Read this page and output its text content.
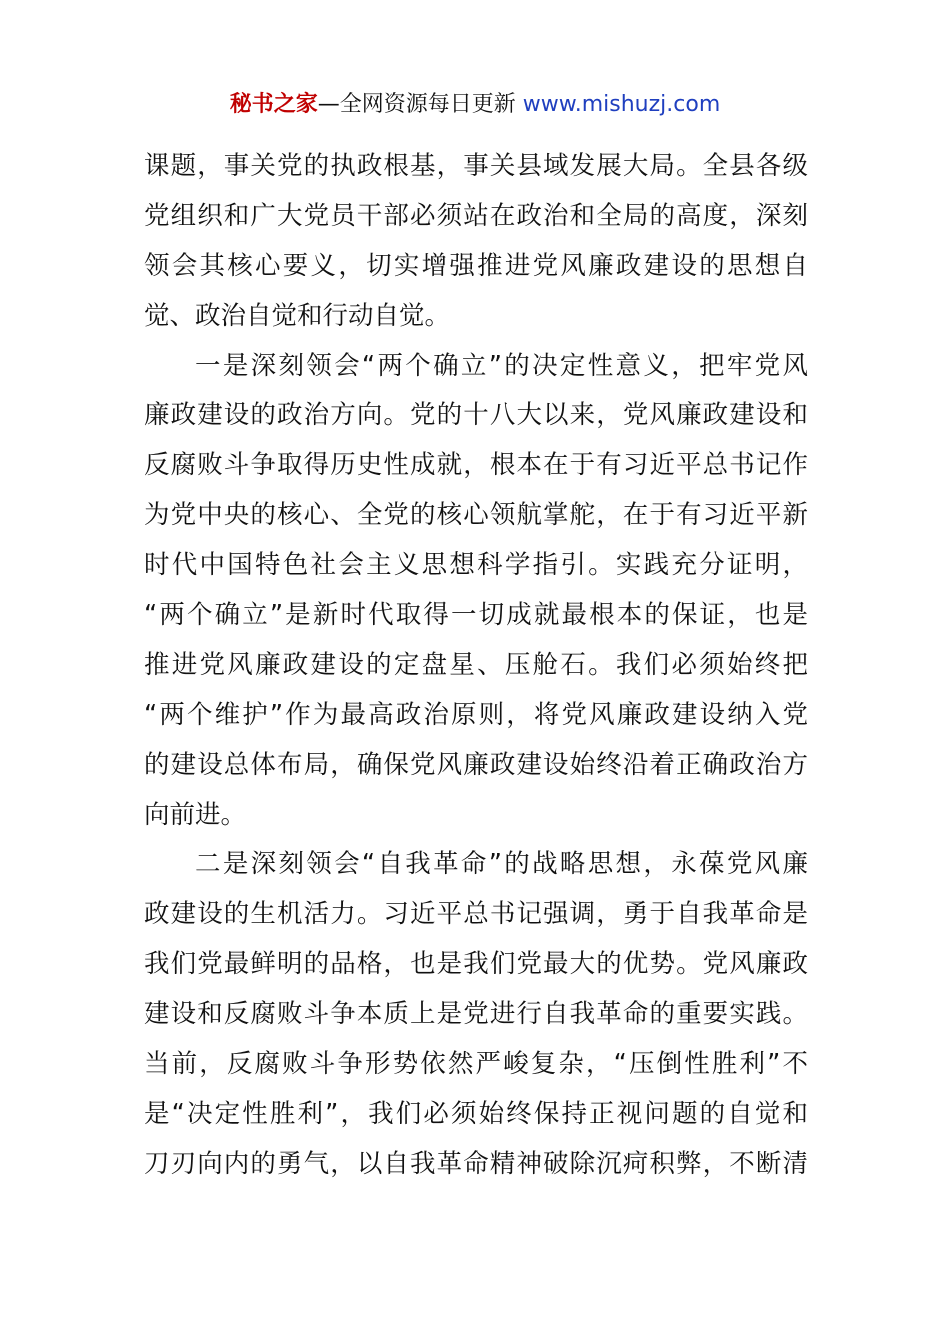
秘书之家—全网资源每日更新 www.mishuzj.com
课题，事关党的执政根基，事关县域发展大局。全县各级
党组织和广大党员干部必须站在政治和全局的高度，深刻
领会其核心要义，切实增强推进党风廉政建设的思想自
觉、政治自觉和行动自觉。
一是深刻领会“两个确立”的决定性意义，把牢党风
廉政建设的政治方向。党的十八大以来，党风廉政建设和
反腐败斗争取得历史性成就，根本在于有习近平总书记作
为党中央的核心、全党的核心领航掌舵，在于有习近平新
时代中国特色社会主义思想科学指引。实践充分证明，
“两个确立”是新时代取得一切成就最根本的保证，也是
推进党风廉政建设的定盘星、压舱石。我们必须始终把
“两个维护”作为最高政治原则，将党风廉政建设纳入党
的建设总体布局，确保党风廉政建设始终沿着正确政治方
向前进。
二是深刻领会“自我革命”的战略思想，永葆党风廉
政建设的生机活力。习近平总书记强调，勇于自我革命是
我们党最鲜明的品格，也是我们党最大的优势。党风廉政
建设和反腐败斗争本质上是党进行自我革命的重要实践。
当前，反腐败斗争形势依然严峻复杂，“压倒性胜利”不
是“决定性胜利”，我们必须始终保持正视问题的自觉和
刀刃向内的勇气，以自我革命精神破除沉疴积弊，不断清
